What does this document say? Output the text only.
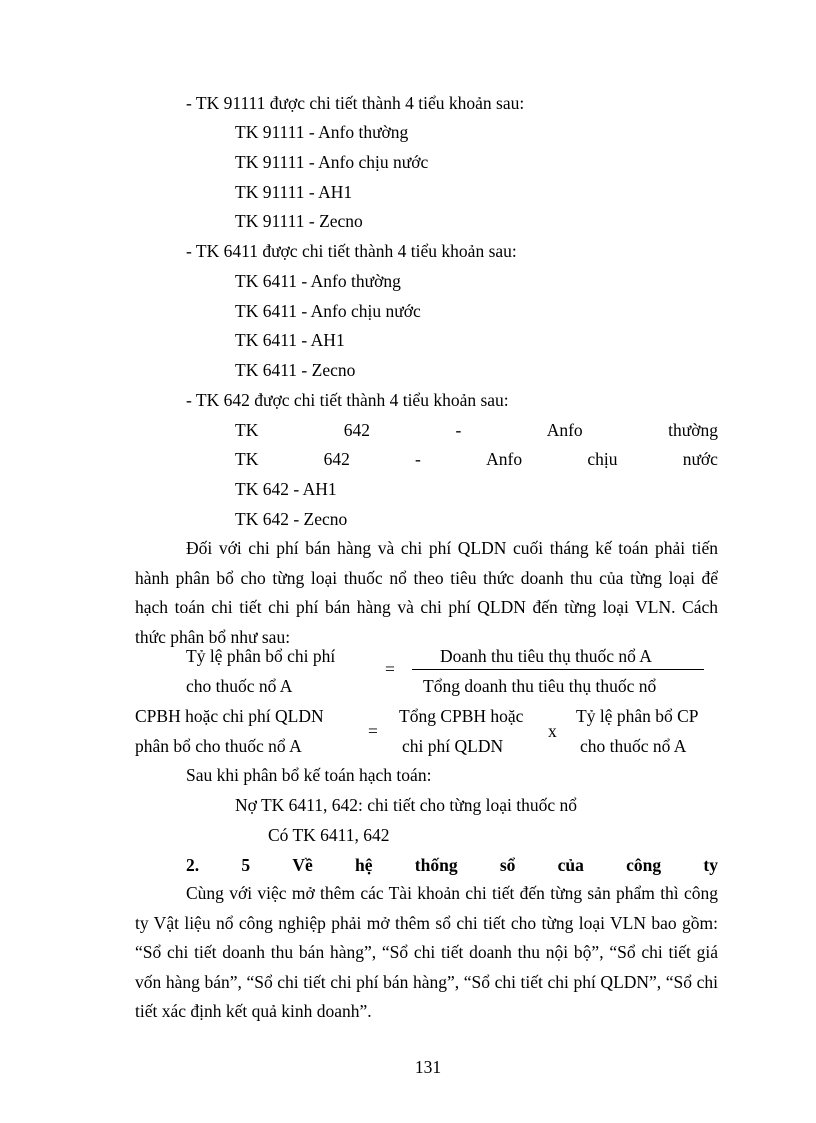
- TK 91111 được chi tiết thành 4 tiểu khoản sau:
TK 91111 - Anfo thường
TK 91111 - Anfo chịu nước
TK 91111 - AH1
TK 91111 - Zecno
- TK 6411 được chi tiết thành 4 tiểu khoản sau:
TK 6411 - Anfo thường
TK 6411 - Anfo chịu nước
TK 6411 - AH1
TK 6411 - Zecno
- TK 642 được chi tiết thành 4 tiểu khoản sau:
TK	642	-	Anfo	thường
TK	642	-	Anfo	chịu	nước
TK 642 - AH1
TK 642 - Zecno

Đối với chi phí bán hàng và chi phí QLDN cuối tháng kế toán phải tiến hành phân bổ cho từng loại thuốc nổ theo tiêu thức doanh thu của từng loại để hạch toán chi tiết chi phí bán hàng và chi phí QLDN đến từng loại VLN. Cách thức phân bổ như sau:

Tỷ lệ phân bổ chi phí
cho thuốc nổ A
=
Doanh thu tiêu thụ thuốc nổ A
Tổng doanh thu tiêu thụ thuốc nổ
CPBH hoặc chi phí QLDN
phân bổ cho thuốc nổ A
=
Tổng CPBH hoặc
chi phí QLDN
x
Tỷ lệ phân bổ CP
cho thuốc nổ A
Sau khi phân bổ kế toán hạch toán:
Nợ TK 6411, 642: chi tiết cho từng loại thuốc nổ
Có TK 6411, 642
2. 5 Về hệ thống sổ của công ty

Cùng với việc mở thêm các Tài khoản chi tiết đến từng sản phẩm thì công ty Vật liệu nổ công nghiệp phải mở thêm sổ chi tiết cho từng loại VLN bao gồm: “Sổ chi tiết doanh thu bán hàng”, “Sổ chi tiết doanh thu nội bộ”, “Sổ chi tiết giá vốn hàng bán”, “Sổ chi tiết chi phí bán hàng”, “Sổ chi tiết chi phí QLDN”, “Sổ chi tiết xác định kết quả kinh doanh”.

131
